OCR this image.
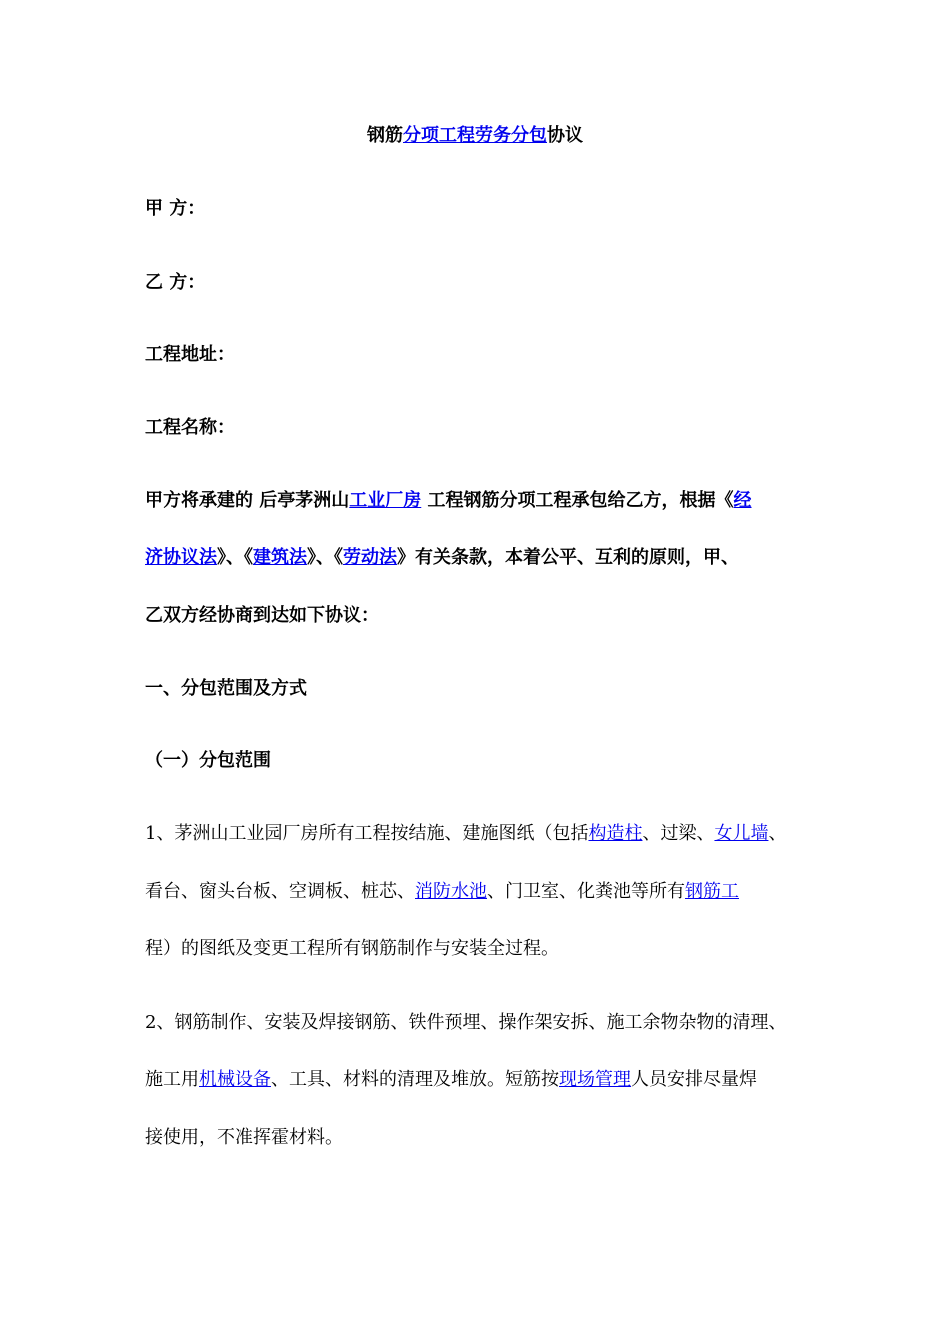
钢筋分项工程劳务分包协议
甲 方：
乙 方：
工程地址：
工程名称：
甲方将承建的 后亭茅洲山工业厂房 工程钢筋分项工程承包给乙方，根据《经
济协议法》、《建筑法》、《劳动法》有关条款，本着公平、互利的原则，甲、
乙双方经协商到达如下协议：
一、分包范围及方式
（一）分包范围
1、茅洲山工业园厂房所有工程按结施、建施图纸（包括构造柱、过梁、女儿墙、
看台、窗头台板、空调板、桩芯、消防水池、门卫室、化粪池等所有钢筋工
程）的图纸及变更工程所有钢筋制作与安装全过程。
2、钢筋制作、安装及焊接钢筋、铁件预埋、操作架安拆、施工余物杂物的清理、
施工用机械设备、工具、材料的清理及堆放。短筋按现场管理人员安排尽量焊
接使用，不准挥霍材料。
